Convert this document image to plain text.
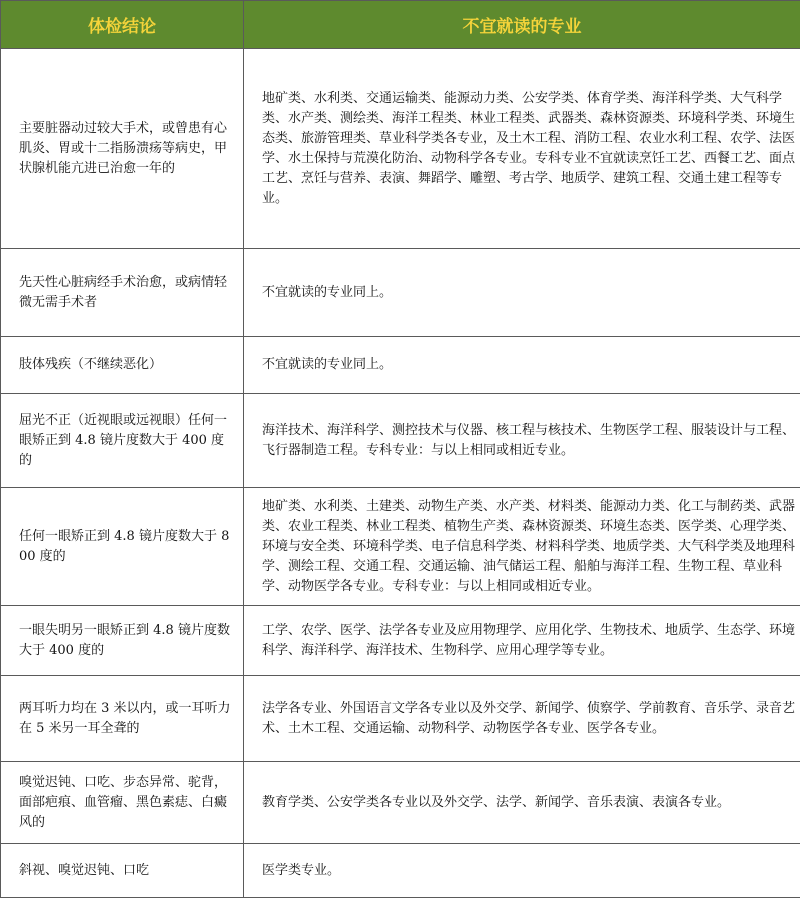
体检结论	不宜就读的专业
主要脏器动过较大手术，或曾患有心肌炎、胃或十二指肠溃疡等病史，甲状腺机能亢进已治愈一年的	地矿类、水利类、交通运输类、能源动力类、公安学类、体育学类、海洋科学类、大气科学类、水产类、测绘类、海洋工程类、林业工程类、武器类、森林资源类、环境科学类、环境生态类、旅游管理类、草业科学类各专业，及土木工程、消防工程、农业水利工程、农学、法医学、水土保持与荒漠化防治、动物科学各专业。专科专业不宜就读烹饪工艺、西餐工艺、面点工艺、烹饪与营养、表演、舞蹈学、雕塑、考古学、地质学、建筑工程、交通土建工程等专业。
先天性心脏病经手术治愈，或病情轻微无需手术者	不宜就读的专业同上。
肢体残疾（不继续恶化）	不宜就读的专业同上。
屈光不正（近视眼或远视眼）任何一眼矫正到 4.8 镜片度数大于 400 度的	海洋技术、海洋科学、测控技术与仪器、核工程与核技术、生物医学工程、服装设计与工程、飞行器制造工程。专科专业：与以上相同或相近专业。
任何一眼矫正到 4.8 镜片度数大于 800 度的	地矿类、水利类、土建类、动物生产类、水产类、材料类、能源动力类、化工与制药类、武器类、农业工程类、林业工程类、植物生产类、森林资源类、环境生态类、医学类、心理学类、环境与安全类、环境科学类、电子信息科学类、材料科学类、地质学类、大气科学类及地理科学、测绘工程、交通工程、交通运输、油气储运工程、船舶与海洋工程、生物工程、草业科学、动物医学各专业。专科专业：与以上相同或相近专业。
一眼失明另一眼矫正到 4.8 镜片度数大于 400 度的	工学、农学、医学、法学各专业及应用物理学、应用化学、生物技术、地质学、生态学、环境科学、海洋科学、海洋技术、生物科学、应用心理学等专业。
两耳听力均在 3 米以内，或一耳听力在 5 米另一耳全聋的	法学各专业、外国语言文学各专业以及外交学、新闻学、侦察学、学前教育、音乐学、录音艺术、土木工程、交通运输、动物科学、动物医学各专业、医学各专业。
嗅觉迟钝、口吃、步态异常、驼背，面部疤痕、血管瘤、黑色素痣、白癜风的	教育学类、公安学类各专业以及外交学、法学、新闻学、音乐表演、表演各专业。
斜视、嗅觉迟钝、口吃	医学类专业。
